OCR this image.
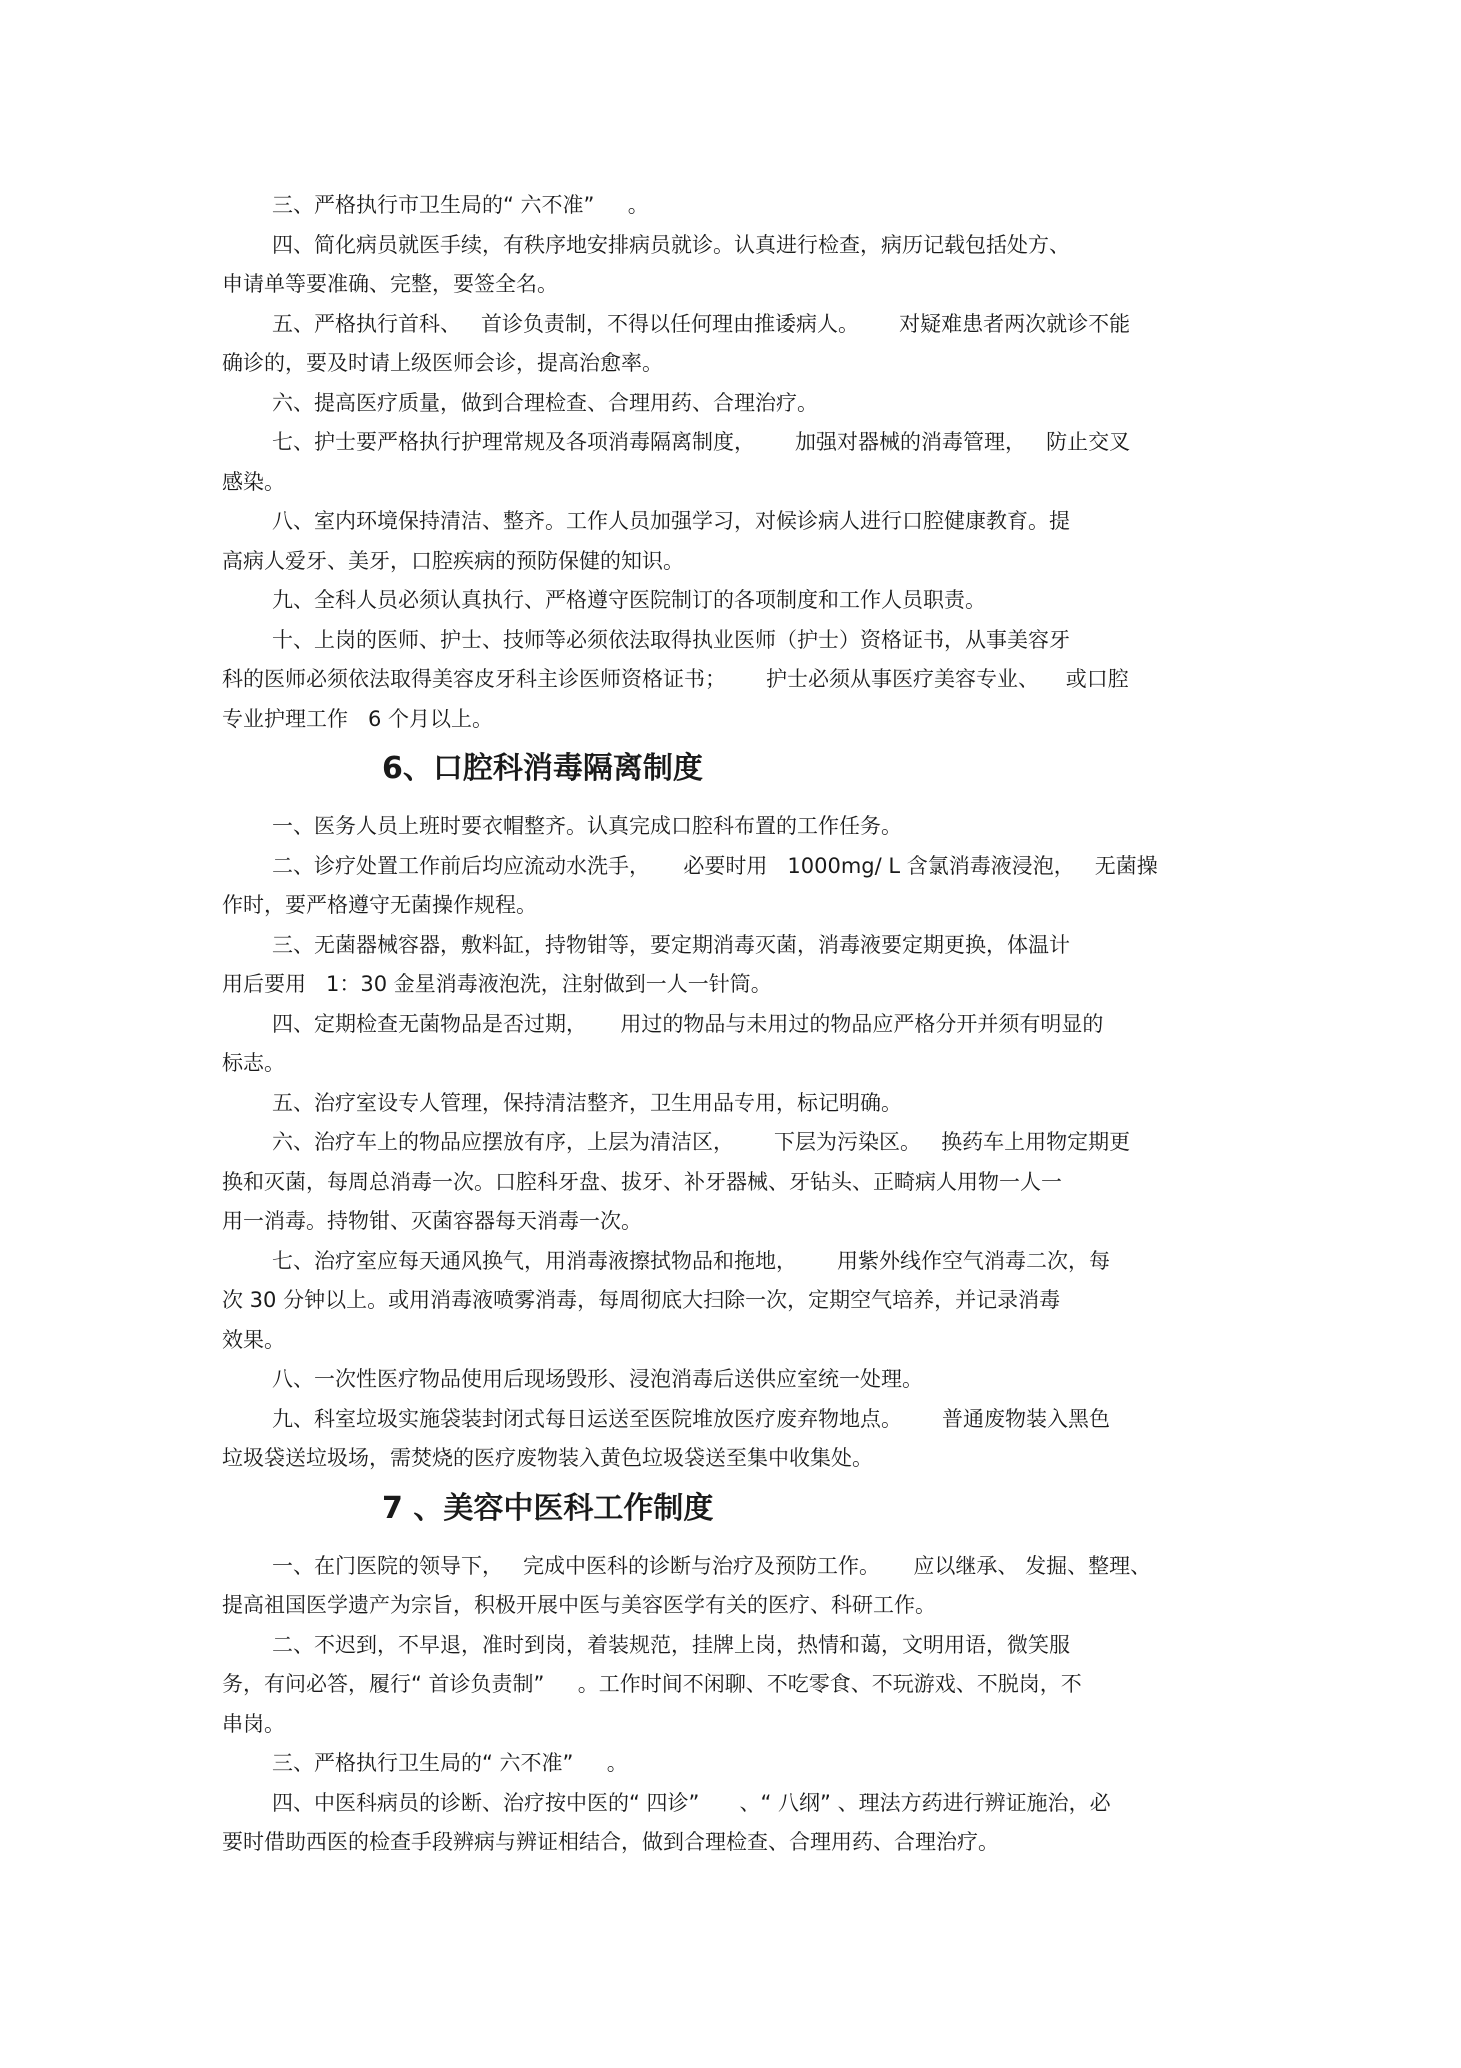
三、严格执行市卫生局的“ 六不准”     。

四、简化病员就医手续，有秩序地安排病员就诊。认真进行检查，病历记载包括处方、
申请单等要准确、完整，要签全名。

五、严格执行首科、   首诊负责制，不得以任何理由推诿病人。      对疑难患者两次就诊不能
确诊的，要及时请上级医师会诊，提高治愈率。

六、提高医疗质量，做到合理检查、合理用药、合理治疗。

七、护士要严格执行护理常规及各项消毒隔离制度，      加强对器械的消毒管理，   防止交叉
感染。

八、室内环境保持清洁、整齐。工作人员加强学习，对候诊病人进行口腔健康教育。提
高病人爱牙、美牙，口腔疾病的预防保健的知识。

九、全科人员必须认真执行、严格遵守医院制订的各项制度和工作人员职责。

十、上岗的医师、护士、技师等必须依法取得执业医师（护士）资格证书，从事美容牙
科的医师必须依法取得美容皮牙科主诊医师资格证书；      护士必须从事医疗美容专业、    或口腔
专业护理工作   6 个月以上。

6、口腔科消毒隔离制度

一、医务人员上班时要衣帽整齐。认真完成口腔科布置的工作任务。

二、诊疗处置工作前后均应流动水洗手，     必要时用   1000mg/ L 含氯消毒液浸泡，   无菌操
作时，要严格遵守无菌操作规程。

三、无菌器械容器，敷料缸，持物钳等，要定期消毒灭菌，消毒液要定期更换，体温计
用后要用   1：30 金星消毒液泡洗，注射做到一人一针筒。

四、定期检查无菌物品是否过期，     用过的物品与未用过的物品应严格分开并须有明显的
标志。

五、治疗室设专人管理，保持清洁整齐，卫生用品专用，标记明确。

六、治疗车上的物品应摆放有序，上层为清洁区，      下层为污染区。   换药车上用物定期更
换和灭菌，每周总消毒一次。口腔科牙盘、拔牙、补牙器械、牙钻头、正畸病人用物一人一
用一消毒。持物钳、灭菌容器每天消毒一次。

七、治疗室应每天通风换气，用消毒液擦拭物品和拖地，      用紫外线作空气消毒二次，每
次 30 分钟以上。或用消毒液喷雾消毒，每周彻底大扫除一次，定期空气培养，并记录消毒
效果。

八、一次性医疗物品使用后现场毁形、浸泡消毒后送供应室统一处理。

九、科室垃圾实施袋装封闭式每日运送至医院堆放医疗废弃物地点。      普通废物装入黑色
垃圾袋送垃圾场，需焚烧的医疗废物装入黄色垃圾袋送至集中收集处。

7 、美容中医科工作制度

一、在门医院的领导下，   完成中医科的诊断与治疗及预防工作。     应以继承、 发掘、整理、
提高祖国医学遗产为宗旨，积极开展中医与美容医学有关的医疗、科研工作。

二、不迟到，不早退，准时到岗，着装规范，挂牌上岗，热情和蔼，文明用语，微笑服
务，有问必答，履行“ 首诊负责制”     。工作时间不闲聊、不吃零食、不玩游戏、不脱岗，不
串岗。

三、严格执行卫生局的“ 六不准”     。

四、中医科病员的诊断、治疗按中医的“ 四诊”      、“ 八纲” 、理法方药进行辨证施治，必
要时借助西医的检查手段辨病与辨证相结合，做到合理检查、合理用药、合理治疗。
